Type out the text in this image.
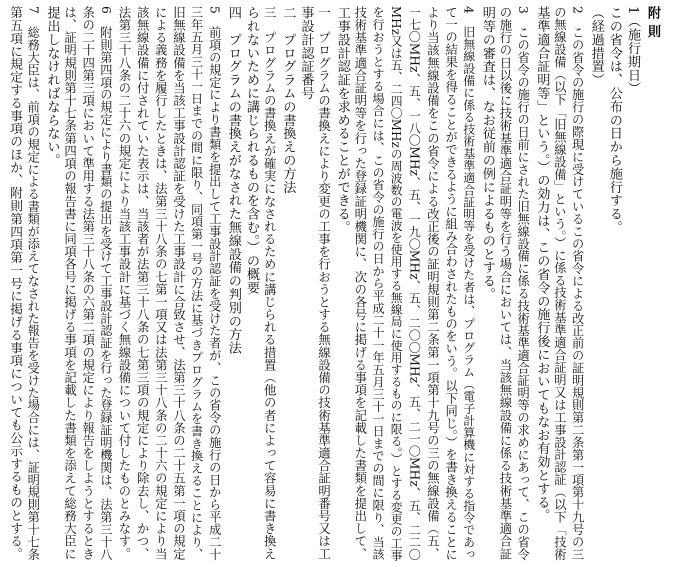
附 則
1（施行期日）
この省令は、公布の日から施行する。
（経過措置）
2　この省令の施行の際現に受けているこの省令による改正前の証明規則第二条第一項第十九号の三
の無線設備（以下「旧無線設備」という。）に係る技術基準適合証明又は工事設計認証（以下「技術
基準適合証明等」という。）の効力は、この省令の施行後においてもなお有効とする。
3　この省令の施行の日前にされた旧無線設備に係る技術基準適合証明等の求めにあって、この省令
の施行の日以後に技術基準適合証明等を行う場合においては、当該無線設備に係る技術基準適合証
明等の審査は、なお従前の例によるものとする。
4　旧無線設備に係る技術基準適合証明等を受けた者は、プログラム（電子計算機に対する指令であっ
て一の結果を得ることができるように組み合わされたものをいう。以下同じ。）を書き換えることに
より当該無線設備をこの省令による改正後の証明規則第二条第一項第十九号の三の無線設備（五、
一七〇MHz、五、一八〇MHz、五、一九〇MHz、五、二〇〇MHz、五、二一〇MHz、五、二二〇
MHz又は五、二四〇MHzの周波数の電波を使用する無線局に使用するものに限る。）とする変更の工事
を行おうとする場合には、この省令の施行の日から平成二十一年五月三十一日までの間に限り、当該
技術基準適合証明等を行った登録証明機関に、次の各号に掲げる事項を記載した書類を提出して、
工事設計認証を求めることができる。
一　プログラムの書換えにより変更の工事を行おうとする無線設備の技術基準適合証明番号又は工
事設計認証番号
二　プログラムの書換えの方法
三　プログラムの書換えが確実になされるために講じられる措置（他の者によって容易に書き換え
られないために講じられるものを含む。）の概要
四　プログラムの書換えがなされた無線設備の判別の方法
5　前項の規定により書類を提出して工事設計認証を受けた者が、この省令の施行の日から平成二十
三年五月三十一日までの間に限り、同項第一号の方法に基づきプログラムを書き換えることにより、
旧無線設備を当該工事設計認証を受けた工事設計に合致させ、法第三十八条の二十五第一項の規定
による義務を履行したときは、法第三十八条の七第一項又は法第三十八条の二十六の規定により当
該無線設備に付されていた表示は、当該者が法第三十八条の七第三項の規定により除去し、かつ、
法第三十八条の二十六の規定により当該工事設計に基づく無線設備について付したものとみなす。
6　附則第四項の規定により書類の提出を受けて工事設計認証を行った登録証明機関は、法第三十八
条の二十四第三項において準用する法第三十八条の六第二項の規定により報告をしようとするとき
は、証明規則第十七条第四項の報告書に同項各号に掲げる事項を記載した書類を添えて総務大臣に
提出しなければならない。
7　総務大臣は、前項の規定による書類が添えてなされた報告を受けた場合には、証明規則第十七条
第五項に規定する事項のほか、附則第四項第一号に掲げる事項についても公示するものとする。
